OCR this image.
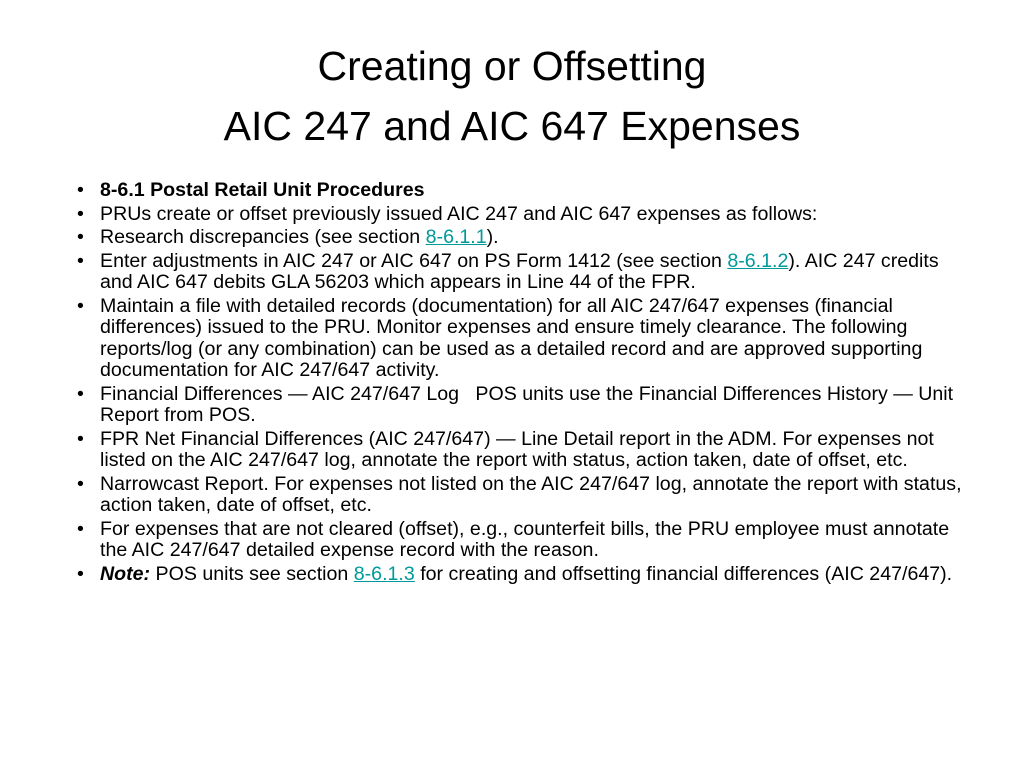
Creating or Offsetting

AIC 247 and AIC 647 Expenses

• 8-6.1 Postal Retail Unit Procedures
• PRUs create or offset previously issued AIC 247 and AIC 647 expenses as follows:
• Research discrepancies (see section 8-6.1.1).
• Enter adjustments in AIC 247 or AIC 647 on PS Form 1412 (see section 8-6.1.2). AIC 247 credits and AIC 647 debits GLA 56203 which appears in Line 44 of the FPR.
• Maintain a file with detailed records (documentation) for all AIC 247/647 expenses (financial differences) issued to the PRU. Monitor expenses and ensure timely clearance. The following reports/log (or any combination) can be used as a detailed record and are approved supporting documentation for AIC 247/647 activity.
• Financial Differences — AIC 247/647 Log   POS units use the Financial Differences History — Unit Report from POS.
• FPR Net Financial Differences (AIC 247/647) — Line Detail report in the ADM. For expenses not listed on the AIC 247/647 log, annotate the report with status, action taken, date of offset, etc.
• Narrowcast Report. For expenses not listed on the AIC 247/647 log, annotate the report with status, action taken, date of offset, etc.
• For expenses that are not cleared (offset), e.g., counterfeit bills, the PRU employee must annotate the AIC 247/647 detailed expense record with the reason.
• Note: POS units see section 8-6.1.3 for creating and offsetting financial differences (AIC 247/647).
